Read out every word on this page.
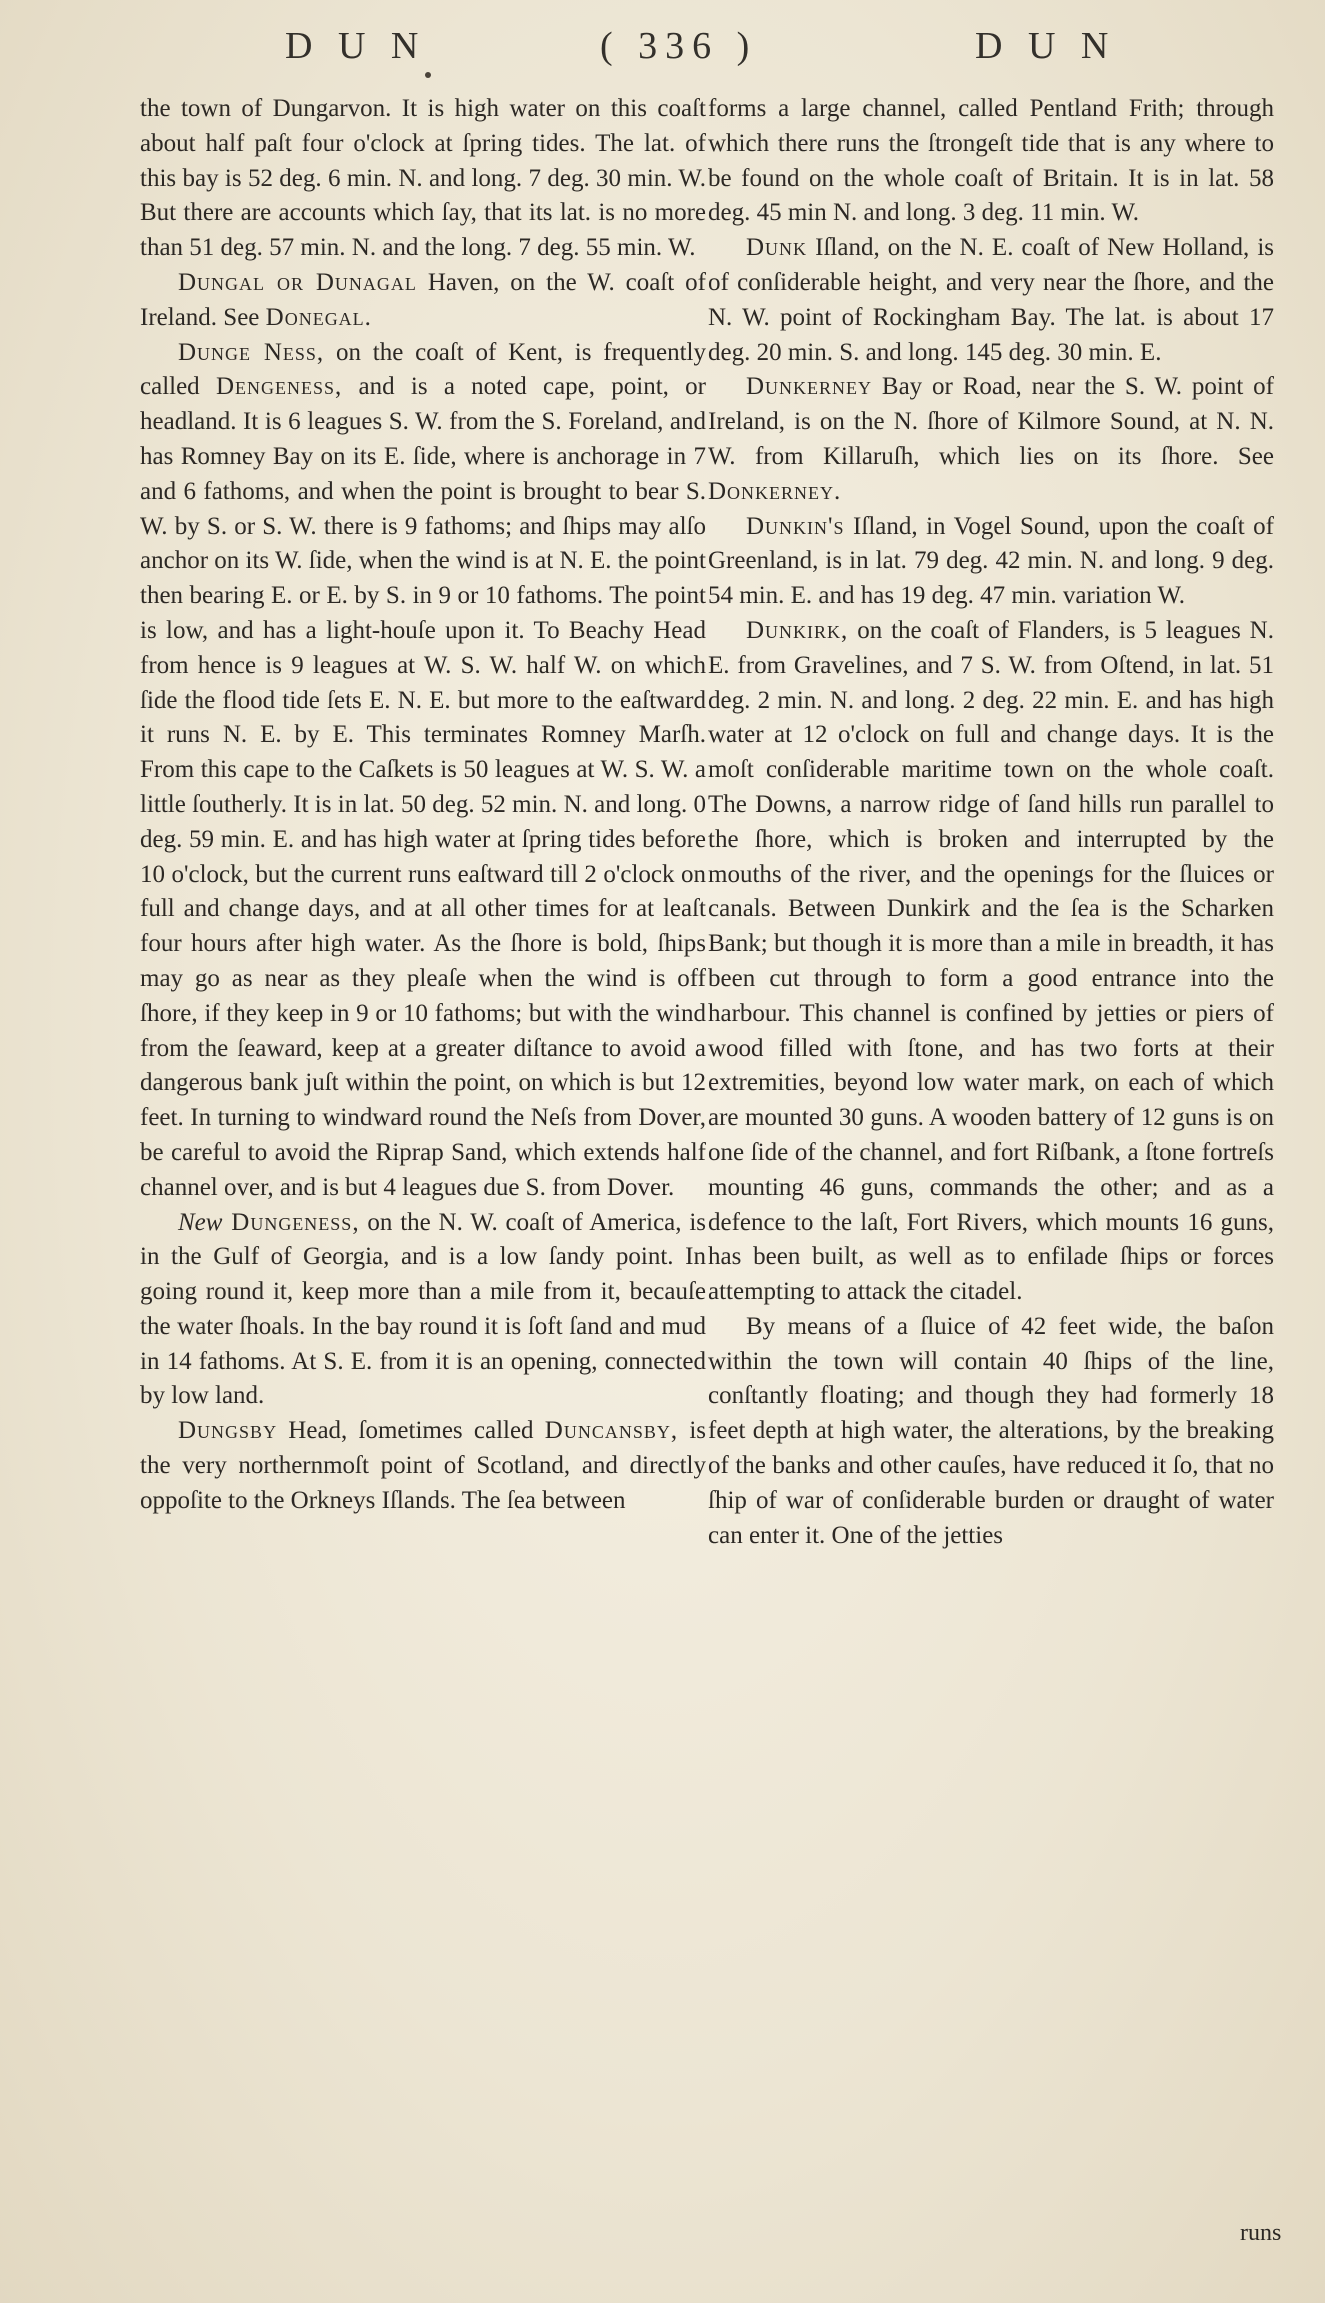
D U N	( 336 )	D U N

the town of Dungarvon. It is high water on this coaſt about half paſt four o'clock at ſpring tides. The lat. of this bay is 52 deg. 6 min. N. and long. 7 deg. 30 min. W. But there are accounts which ſay, that its lat. is no more than 51 deg. 57 min. N. and the long. 7 deg. 55 min. W.

Dungal or Dunagal Haven, on the W. coaſt of Ireland. See Donegal.

Dunge Ness, on the coaſt of Kent, is frequently called Dengeness, and is a noted cape, point, or headland. It is 6 leagues S. W. from the S. Foreland, and has Romney Bay on its E. ſide, where is anchorage in 7 and 6 fathoms, and when the point is brought to bear S. W. by S. or S. W. there is 9 fathoms; and ſhips may alſo anchor on its W. ſide, when the wind is at N. E. the point then bearing E. or E. by S. in 9 or 10 fathoms. The point is low, and has a light-houſe upon it. To Beachy Head from hence is 9 leagues at W. S. W. half W. on which ſide the flood tide ſets E. N. E. but more to the eaſtward it runs N. E. by E. This terminates Romney Marſh. From this cape to the Caſkets is 50 leagues at W. S. W. a little ſoutherly. It is in lat. 50 deg. 52 min. N. and long. 0 deg. 59 min. E. and has high water at ſpring tides before 10 o'clock, but the current runs eaſtward till 2 o'clock on full and change days, and at all other times for at leaſt four hours after high water. As the ſhore is bold, ſhips may go as near as they pleaſe when the wind is off ſhore, if they keep in 9 or 10 fathoms; but with the wind from the ſeaward, keep at a greater diſtance to avoid a dangerous bank juſt within the point, on which is but 12 feet. In turning to windward round the Neſs from Dover, be careful to avoid the Riprap Sand, which extends half channel over, and is but 4 leagues due S. from Dover.

New Dungeness, on the N. W. coaſt of America, is in the Gulf of Georgia, and is a low ſandy point. In going round it, keep more than a mile from it, becauſe the water ſhoals. In the bay round it is ſoft ſand and mud in 14 fathoms. At S. E. from it is an opening, connected by low land.

Dungsby Head, ſometimes called Duncansby, is the very northernmoſt point of Scotland, and directly oppoſite to the Orkneys Iſlands. The ſea between

forms a large channel, called Pentland Frith; through which there runs the ſtrongeſt tide that is any where to be found on the whole coaſt of Britain. It is in lat. 58 deg. 45 min N. and long. 3 deg. 11 min. W.

Dunk Iſland, on the N. E. coaſt of New Holland, is of conſiderable height, and very near the ſhore, and the N. W. point of Rockingham Bay. The lat. is about 17 deg. 20 min. S. and long. 145 deg. 30 min. E.

Dunkerney Bay or Road, near the S. W. point of Ireland, is on the N. ſhore of Kilmore Sound, at N. N. W. from Killaruſh, which lies on its ſhore. See Donkerney.

Dunkin's Iſland, in Vogel Sound, upon the coaſt of Greenland, is in lat. 79 deg. 42 min. N. and long. 9 deg. 54 min. E. and has 19 deg. 47 min. variation W.

Dunkirk, on the coaſt of Flanders, is 5 leagues N. E. from Gravelines, and 7 S. W. from Oſtend, in lat. 51 deg. 2 min. N. and long. 2 deg. 22 min. E. and has high water at 12 o'clock on full and change days. It is the moſt conſiderable maritime town on the whole coaſt. The Downs, a narrow ridge of ſand hills run parallel to the ſhore, which is broken and interrupted by the mouths of the river, and the openings for the ſluices or canals. Between Dunkirk and the ſea is the Scharken Bank; but though it is more than a mile in breadth, it has been cut through to form a good entrance into the harbour. This channel is confined by jetties or piers of wood filled with ſtone, and has two forts at their extremities, beyond low water mark, on each of which are mounted 30 guns. A wooden battery of 12 guns is on one ſide of the channel, and fort Riſbank, a ſtone fortreſs mounting 46 guns, commands the other; and as a defence to the laſt, Fort Rivers, which mounts 16 guns, has been built, as well as to enfilade ſhips or forces attempting to attack the citadel.

By means of a ſluice of 42 feet wide, the baſon within the town will contain 40 ſhips of the line, conſtantly floating; and though they had formerly 18 feet depth at high water, the alterations, by the breaking of the banks and other cauſes, have reduced it ſo, that no ſhip of war of conſiderable burden or draught of water can enter it. One of the jetties

runs
